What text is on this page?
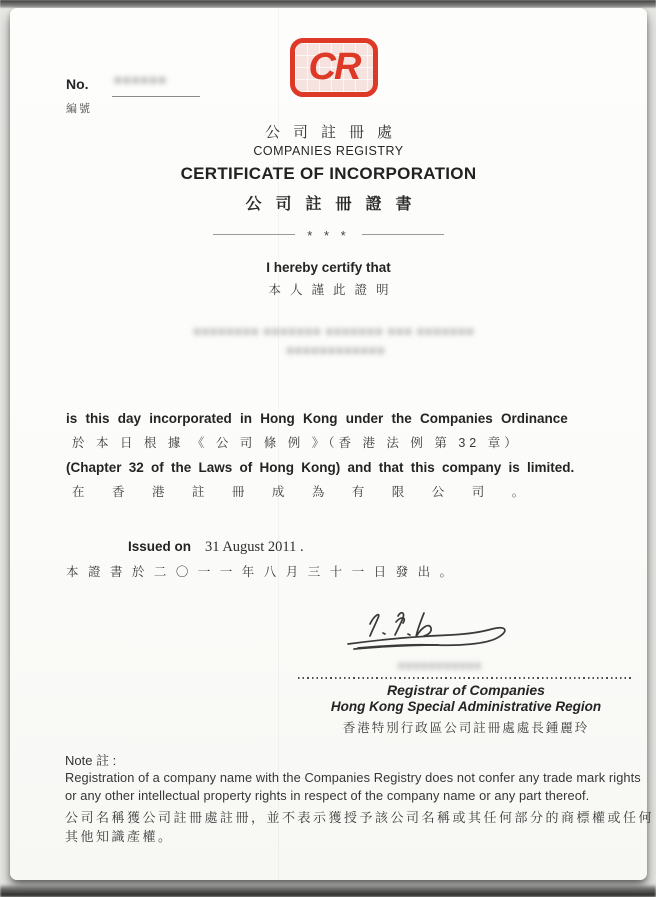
No. ●●●●●●
編號
CR
公司註冊處
COMPANIES REGISTRY
CERTIFICATE OF INCORPORATION
公司註冊證書
* * *
I hereby certify that
本人謹此證明
●●●●●●●● ●●●●●●● ●●●●●●● ●●● ●●●●●●●
●●●●●●●●●●●●
is this day incorporated in Hong Kong under the Companies Ordinance
於 本 日 根 據 《 公 司 條 例 》（香 港 法 例 第 32 章）
(Chapter 32 of the Laws of Hong Kong) and that this company is limited.
在 香 港 註 冊 成 為 有 限 公 司 。
Issued on 31 August 2011 .
本 證 書 於 二 〇 一 一 年 八 月 三 十 一 日 發 出 。
●●●●●●●●●●●
Registrar of Companies
Hong Kong Special Administrative Region
香港特別行政區公司註冊處處長鍾麗玲
Note 註 :
Registration of a company name with the Companies Registry does not confer any trade mark rights
or any other intellectual property rights in respect of the company name or any part thereof.
公司名稱獲公司註冊處註冊，並不表示獲授予該公司名稱或其任何部分的商標權或任何
其他知識產權。
